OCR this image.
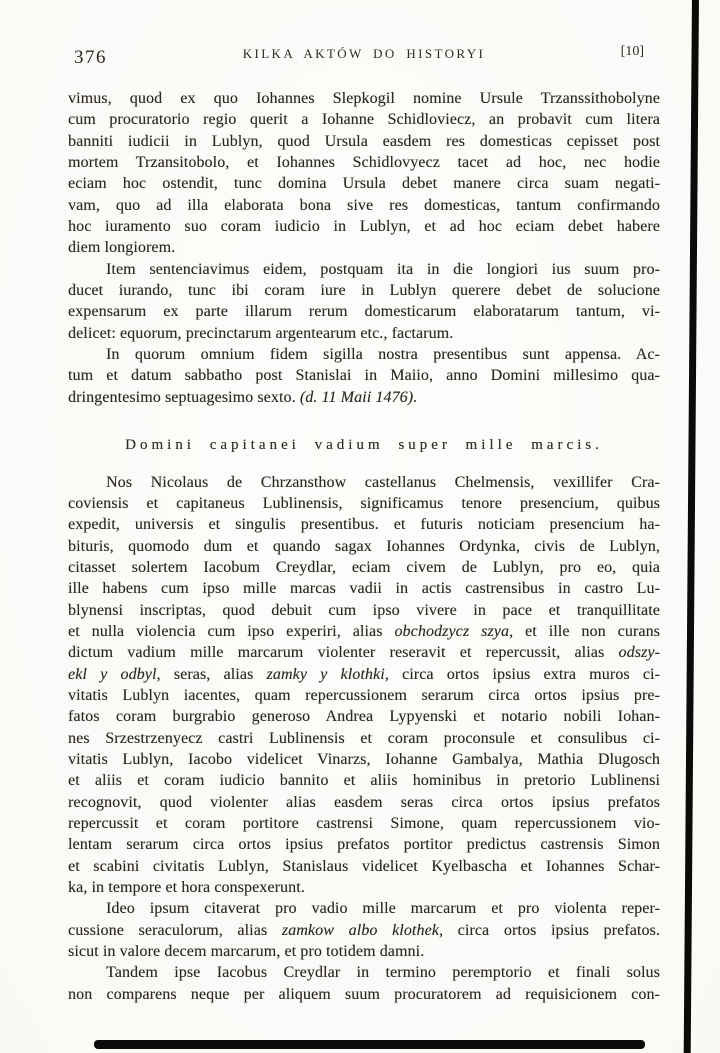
376	KILKA AKTÓW DO HISTORYI	[10]
vimus, quod ex quo Iohannes Slepkogil nomine Ursule Trzanssithobolyne
cum procuratorio regio querit a Iohanne Schidloviecz, an probavit cum litera
banniti iudicii in Lublyn, quod Ursula easdem res domesticas cepisset post
mortem Trzansitobolo, et Iohannes Schidlovyecz tacet ad hoc, nec hodie
eciam hoc ostendit, tunc domina Ursula debet manere circa suam negati-
vam, quo ad illa elaborata bona sive res domesticas, tantum confirmando
hoc iuramento suo coram iudicio in Lublyn, et ad hoc eciam debet habere
diem longiorem.
Item sentenciavimus eidem, postquam ita in die longiori ius suum pro-
ducet iurando, tunc ibi coram iure in Lublyn querere debet de solucione
expensarum ex parte illarum rerum domesticarum elaboratarum tantum, vi-
delicet: equorum, precinctarum argentearum etc., factarum.
In quorum omnium fidem sigilla nostra presentibus sunt appensa. Ac-
tum et datum sabbatho post Stanislai in Maiio, anno Domini millesimo qua-
dringentesimo septuagesimo sexto. (d. 11 Maii 1476).
Domini capitanei vadium super mille marcis.
Nos Nicolaus de Chrzansthow castellanus Chelmensis, vexillifer Cra-
coviensis et capitaneus Lublinensis, significamus tenore presencium, quibus
expedit, universis et singulis presentibus. et futuris noticiam presencium ha-
bituris, quomodo dum et quando sagax Iohannes Ordynka, civis de Lublyn,
citasset solertem Iacobum Creydlar, eciam civem de Lublyn, pro eo, quia
ille habens cum ipso mille marcas vadii in actis castrensibus in castro Lu-
blynensi inscriptas, quod debuit cum ipso vivere in pace et tranquillitate
et nulla violencia cum ipso experiri, alias obchodzycz szya, et ille non curans
dictum vadium mille marcarum violenter reseravit et repercussit, alias odszy-
ekl y odbyl, seras, alias zamky y klothki, circa ortos ipsius extra muros ci-
vitatis Lublyn iacentes, quam repercussionem serarum circa ortos ipsius pre-
fatos coram burgrabio generoso Andrea Lypyenski et notario nobili Iohan-
nes Srzestrzenyecz castri Lublinensis et coram proconsule et consulibus ci-
vitatis Lublyn, Iacobo videlicet Vinarzs, Iohanne Gambalya, Mathia Dlugosch
et aliis et coram iudicio bannito et aliis hominibus in pretorio Lublinensi
recognovit, quod violenter alias easdem seras circa ortos ipsius prefatos
repercussit et coram portitore castrensi Simone, quam repercussionem vio-
lentam serarum circa ortos ipsius prefatos portitor predictus castrensis Simon
et scabini civitatis Lublyn, Stanislaus videlicet Kyelbascha et Iohannes Schar-
ka, in tempore et hora conspexerunt.
Ideo ipsum citaverat pro vadio mille marcarum et pro violenta reper-
cussione seraculorum, alias zamkow albo klothek, circa ortos ipsius prefatos.
sicut in valore decem marcarum, et pro totidem damni.
Tandem ipse Iacobus Creydlar in termino peremptorio et finali solus
non comparens neque per aliquem suum procuratorem ad requisicionem con-
